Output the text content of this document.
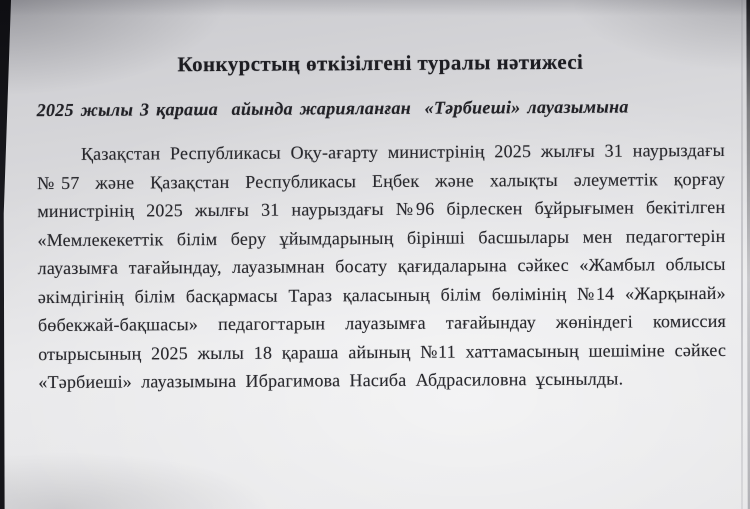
Конкурстың өткізілгені туралы нәтижесі
2025 жылы 3 қараша  айында жарияланған  «Тәрбиеші» лауазымына

Қазақстан Республикасы Оқу-ағарту министрінің 2025 жылғы 31 наурыздағы №57 және Қазақстан Республикасы Еңбек және халықты әлеуметтік қорғау министрінің 2025 жылғы 31 наурыздағы №96 бірлескен бұйрығымен бекітілген «Мемлекекеттік білім беру ұйымдарының бірінші басшылары мен педагогтерін лауазымға тағайындау, лауазымнан босату қағидаларына сәйкес «Жамбыл облысы әкімдігінің білім басқармасы Тараз қаласының білім бөлімінің №14 «Жарқынай» бөбекжай-бақшасы» педагогтарын лауазымға тағайындау жөніндегі комиссия отырысының 2025 жылы 18 қараша айының №11 хаттамасының шешіміне сәйкес «Тәрбиеші» лауазымына Ибрагимова Насиба Абдрасиловна ұсынылды.
